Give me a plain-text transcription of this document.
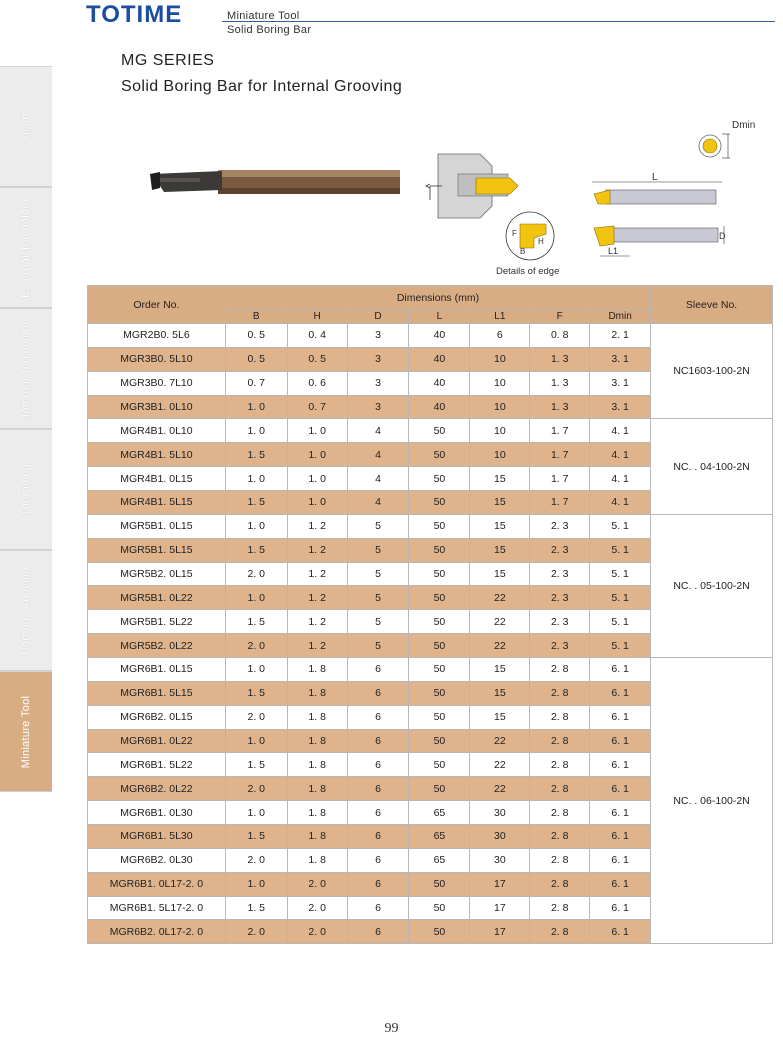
TOTIME	Miniature Tool
Solid Boring Bar
Insert
External Toolholder
Internal Toolholder
Therading
Parting Grooving
Miniature Tool
MG SERIES
Solid Boring Bar for Internal Grooving
Dmin
L
L1
D
F
H
B
Details of edge
Order No.	Dimensions (mm)							Sleeve No.
	B	H	D	L	L1	F	Dmin	
MGR2B0. 5L6	0. 5	0. 4	3	40	6	0. 8	2. 1	NC1603‐100‐2N
MGR3B0. 5L10	0. 5	0. 5	3	40	10	1. 3	3. 1	
MGR3B0. 7L10	0. 7	0. 6	3	40	10	1. 3	3. 1	
MGR3B1. 0L10	1. 0	0. 7	3	40	10	1. 3	3. 1	
MGR4B1. 0L10	1. 0	1. 0	4	50	10	1. 7	4. 1	NC. . 04‐100‐2N
MGR4B1. 5L10	1. 5	1. 0	4	50	10	1. 7	4. 1	
MGR4B1. 0L15	1. 0	1. 0	4	50	15	1. 7	4. 1	
MGR4B1. 5L15	1. 5	1. 0	4	50	15	1. 7	4. 1	
MGR5B1. 0L15	1. 0	1. 2	5	50	15	2. 3	5. 1	NC. . 05‐100‐2N
MGR5B1. 5L15	1. 5	1. 2	5	50	15	2. 3	5. 1	
MGR5B2. 0L15	2. 0	1. 2	5	50	15	2. 3	5. 1	
MGR5B1. 0L22	1. 0	1. 2	5	50	22	2. 3	5. 1	
MGR5B1. 5L22	1. 5	1. 2	5	50	22	2. 3	5. 1	
MGR5B2. 0L22	2. 0	1. 2	5	50	22	2. 3	5. 1	
MGR6B1. 0L15	1. 0	1. 8	6	50	15	2. 8	6. 1	NC. . 06‐100‐2N
MGR6B1. 5L15	1. 5	1. 8	6	50	15	2. 8	6. 1	
MGR6B2. 0L15	2. 0	1. 8	6	50	15	2. 8	6. 1	
MGR6B1. 0L22	1. 0	1. 8	6	50	22	2. 8	6. 1	
MGR6B1. 5L22	1. 5	1. 8	6	50	22	2. 8	6. 1	
MGR6B2. 0L22	2. 0	1. 8	6	50	22	2. 8	6. 1	
MGR6B1. 0L30	1. 0	1. 8	6	65	30	2. 8	6. 1	
MGR6B1. 5L30	1. 5	1. 8	6	65	30	2. 8	6. 1	
MGR6B2. 0L30	2. 0	1. 8	6	65	30	2. 8	6. 1	
MGR6B1. 0L17‐2. 0	1. 0	2. 0	6	50	17	2. 8	6. 1	
MGR6B1. 5L17‐2. 0	1. 5	2. 0	6	50	17	2. 8	6. 1	
MGR6B2. 0L17‐2. 0	2. 0	2. 0	6	50	17	2. 8	6. 1	
99
